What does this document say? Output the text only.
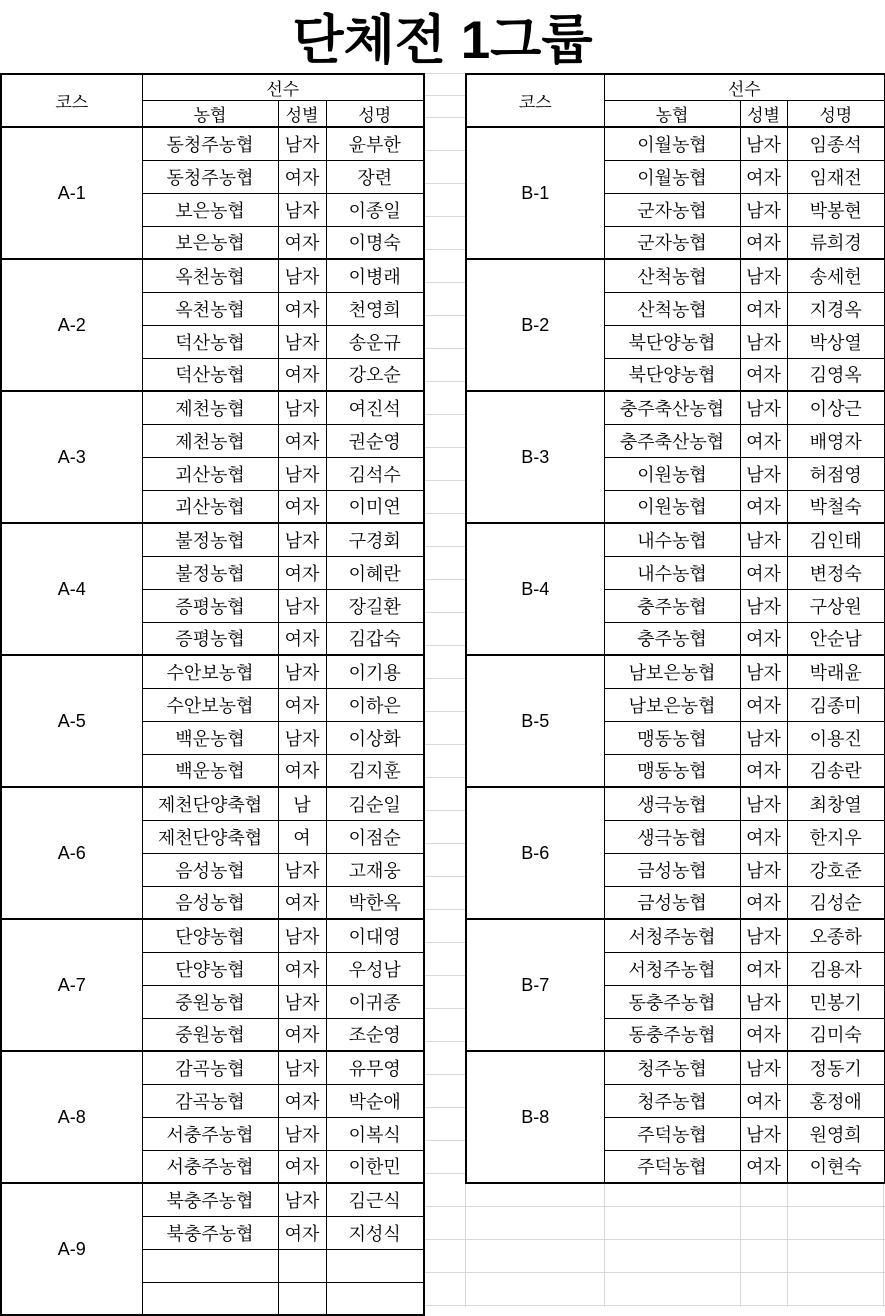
단체전 1그룹
코스	선수		
	농협	성별	성명
A-1	동청주농협	남자	윤부한
	동청주농협	여자	장련
	보은농협	남자	이종일
	보은농협	여자	이명숙
A-2	옥천농협	남자	이병래
	옥천농협	여자	천영희
	덕산농협	남자	송운규
	덕산농협	여자	강오순
A-3	제천농협	남자	여진석
	제천농협	여자	권순영
	괴산농협	남자	김석수
	괴산농협	여자	이미연
A-4	불정농협	남자	구경회
	불정농협	여자	이혜란
	증평농협	남자	장길환
	증평농협	여자	김갑숙
A-5	수안보농협	남자	이기용
	수안보농협	여자	이하은
	백운농협	남자	이상화
	백운농협	여자	김지훈
A-6	제천단양축협	남	김순일
	제천단양축협	여	이점순
	음성농협	남자	고재웅
	음성농협	여자	박한옥
A-7	단양농협	남자	이대영
	단양농협	여자	우성남
	중원농협	남자	이귀종
	중원농협	여자	조순영
A-8	감곡농협	남자	유무영
	감곡농협	여자	박순애
	서충주농협	남자	이복식
	서충주농협	여자	이한민
A-9	북충주농협	남자	김근식
	북충주농협	여자	지성식

코스	선수		
	농협	성별	성명
B-1	이월농협	남자	임종석
	이월농협	여자	임재전
	군자농협	남자	박봉현
	군자농협	여자	류희경
B-2	산척농협	남자	송세헌
	산척농협	여자	지경옥
	북단양농협	남자	박상열
	북단양농협	여자	김영옥
B-3	충주축산농협	남자	이상근
	충주축산농협	여자	배영자
	이원농협	남자	허점영
	이원농협	여자	박철숙
B-4	내수농협	남자	김인태
	내수농협	여자	변정숙
	충주농협	남자	구상원
	충주농협	여자	안순남
B-5	남보은농협	남자	박래윤
	남보은농협	여자	김종미
	맹동농협	남자	이용진
	맹동농협	여자	김송란
B-6	생극농협	남자	최창열
	생극농협	여자	한지우
	금성농협	남자	강호준
	금성농협	여자	김성순
B-7	서청주농협	남자	오종하
	서청주농협	여자	김용자
	동충주농협	남자	민봉기
	동충주농협	여자	김미숙
B-8	청주농협	남자	정동기
	청주농협	여자	홍정애
	주덕농협	남자	원영희
	주덕농협	여자	이현숙
